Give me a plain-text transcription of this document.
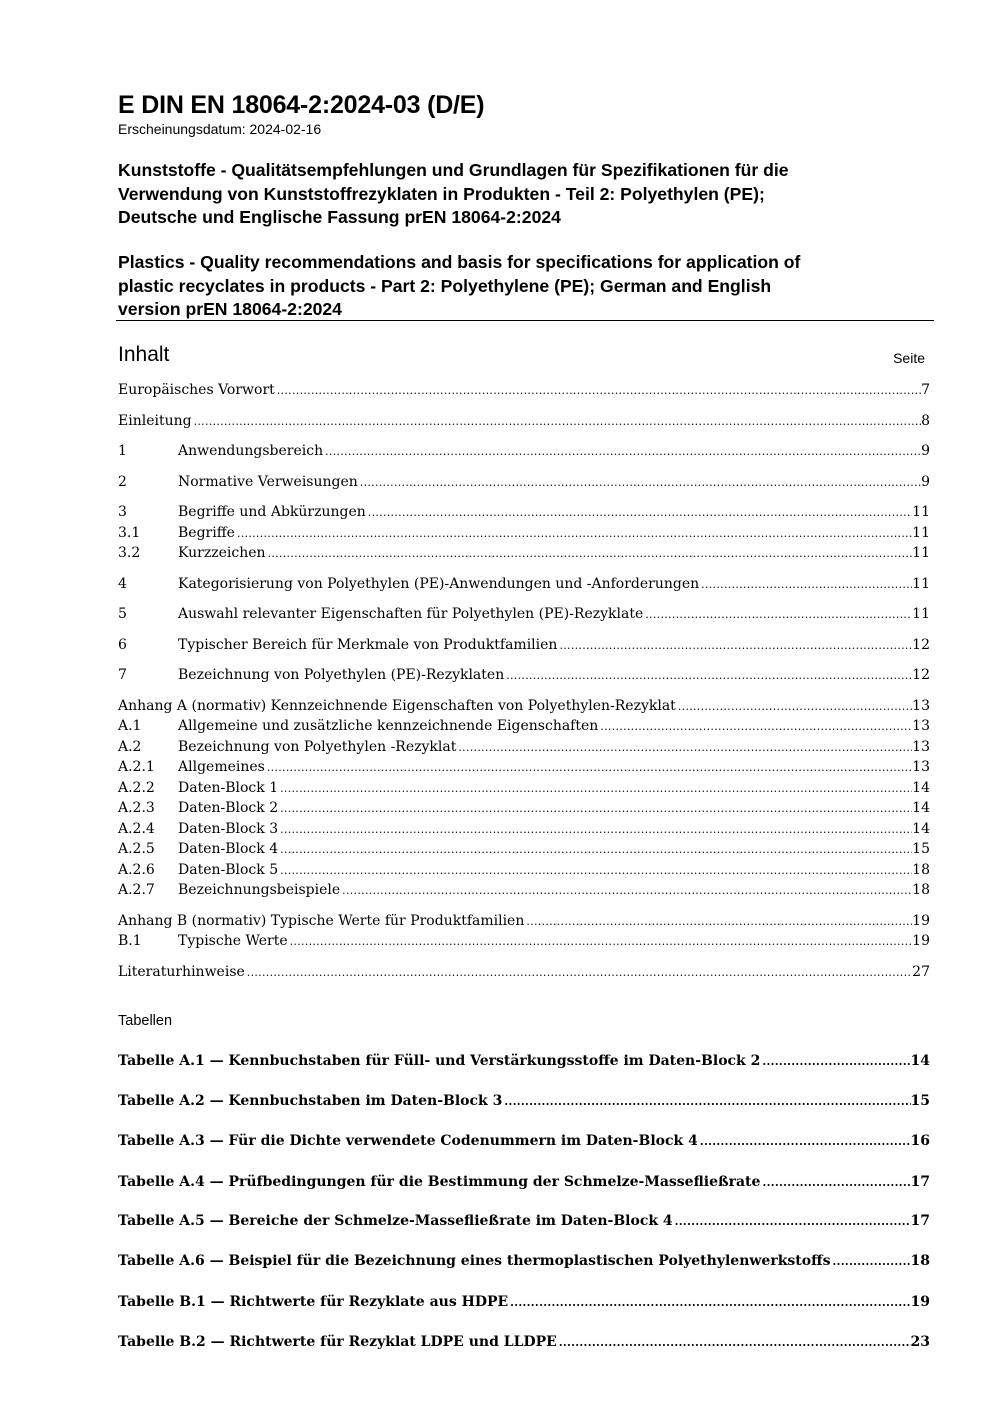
E DIN EN 18064-2:2024-03 (D/E)
Erscheinungsdatum: 2024-02-16
Kunststoffe - Qualitätsempfehlungen und Grundlagen für Spezifikationen für die
Verwendung von Kunststoffrezyklaten in Produkten - Teil 2: Polyethylen (PE);
Deutsche und Englische Fassung prEN 18064-2:2024
Plastics - Quality recommendations and basis for specifications for application of
plastic recyclates in products - Part 2: Polyethylene (PE); German and English
version prEN 18064-2:2024
Inhalt	Seite
Europäisches Vorwort .....	7
Einleitung .....	8
1	Anwendungsbereich .....	9
2	Normative Verweisungen .....	9
3	Begriffe und Abkürzungen .....	11
3.1	Begriffe .....	11
3.2	Kurzzeichen .....	11
4	Kategorisierung von Polyethylen (PE)-Anwendungen und -Anforderungen .....	11
5	Auswahl relevanter Eigenschaften für Polyethylen (PE)-Rezyklate .....	11
6	Typischer Bereich für Merkmale von Produktfamilien .....	12
7	Bezeichnung von Polyethylen (PE)-Rezyklaten .....	12
Anhang A (normativ) Kennzeichnende Eigenschaften von Polyethylen-Rezyklat .....	13
A.1	Allgemeine und zusätzliche kennzeichnende Eigenschaften .....	13
A.2	Bezeichnung von Polyethylen -Rezyklat .....	13
A.2.1	Allgemeines .....	13
A.2.2	Daten-Block 1 .....	14
A.2.3	Daten-Block 2 .....	14
A.2.4	Daten-Block 3 .....	14
A.2.5	Daten-Block 4 .....	15
A.2.6	Daten-Block 5 .....	18
A.2.7	Bezeichnungsbeispiele .....	18
Anhang B (normativ) Typische Werte für Produktfamilien .....	19
B.1	Typische Werte .....	19
Literaturhinweise .....	27
Tabellen
Tabelle A.1 — Kennbuchstaben für Füll- und Verstärkungsstoffe im Daten-Block 2 .....	14
Tabelle A.2 — Kennbuchstaben im Daten-Block 3 .....	15
Tabelle A.3 — Für die Dichte verwendete Codenummern im Daten-Block 4 .....	16
Tabelle A.4 — Prüfbedingungen für die Bestimmung der Schmelze-Massefließrate .....	17
Tabelle A.5 — Bereiche der Schmelze-Massefließrate im Daten-Block 4 .....	17
Tabelle A.6 — Beispiel für die Bezeichnung eines thermoplastischen Polyethylenwerkstoffs .....	18
Tabelle B.1 — Richtwerte für Rezyklate aus HDPE .....	19
Tabelle B.2 — Richtwerte für Rezyklat LDPE und LLDPE .....	23
